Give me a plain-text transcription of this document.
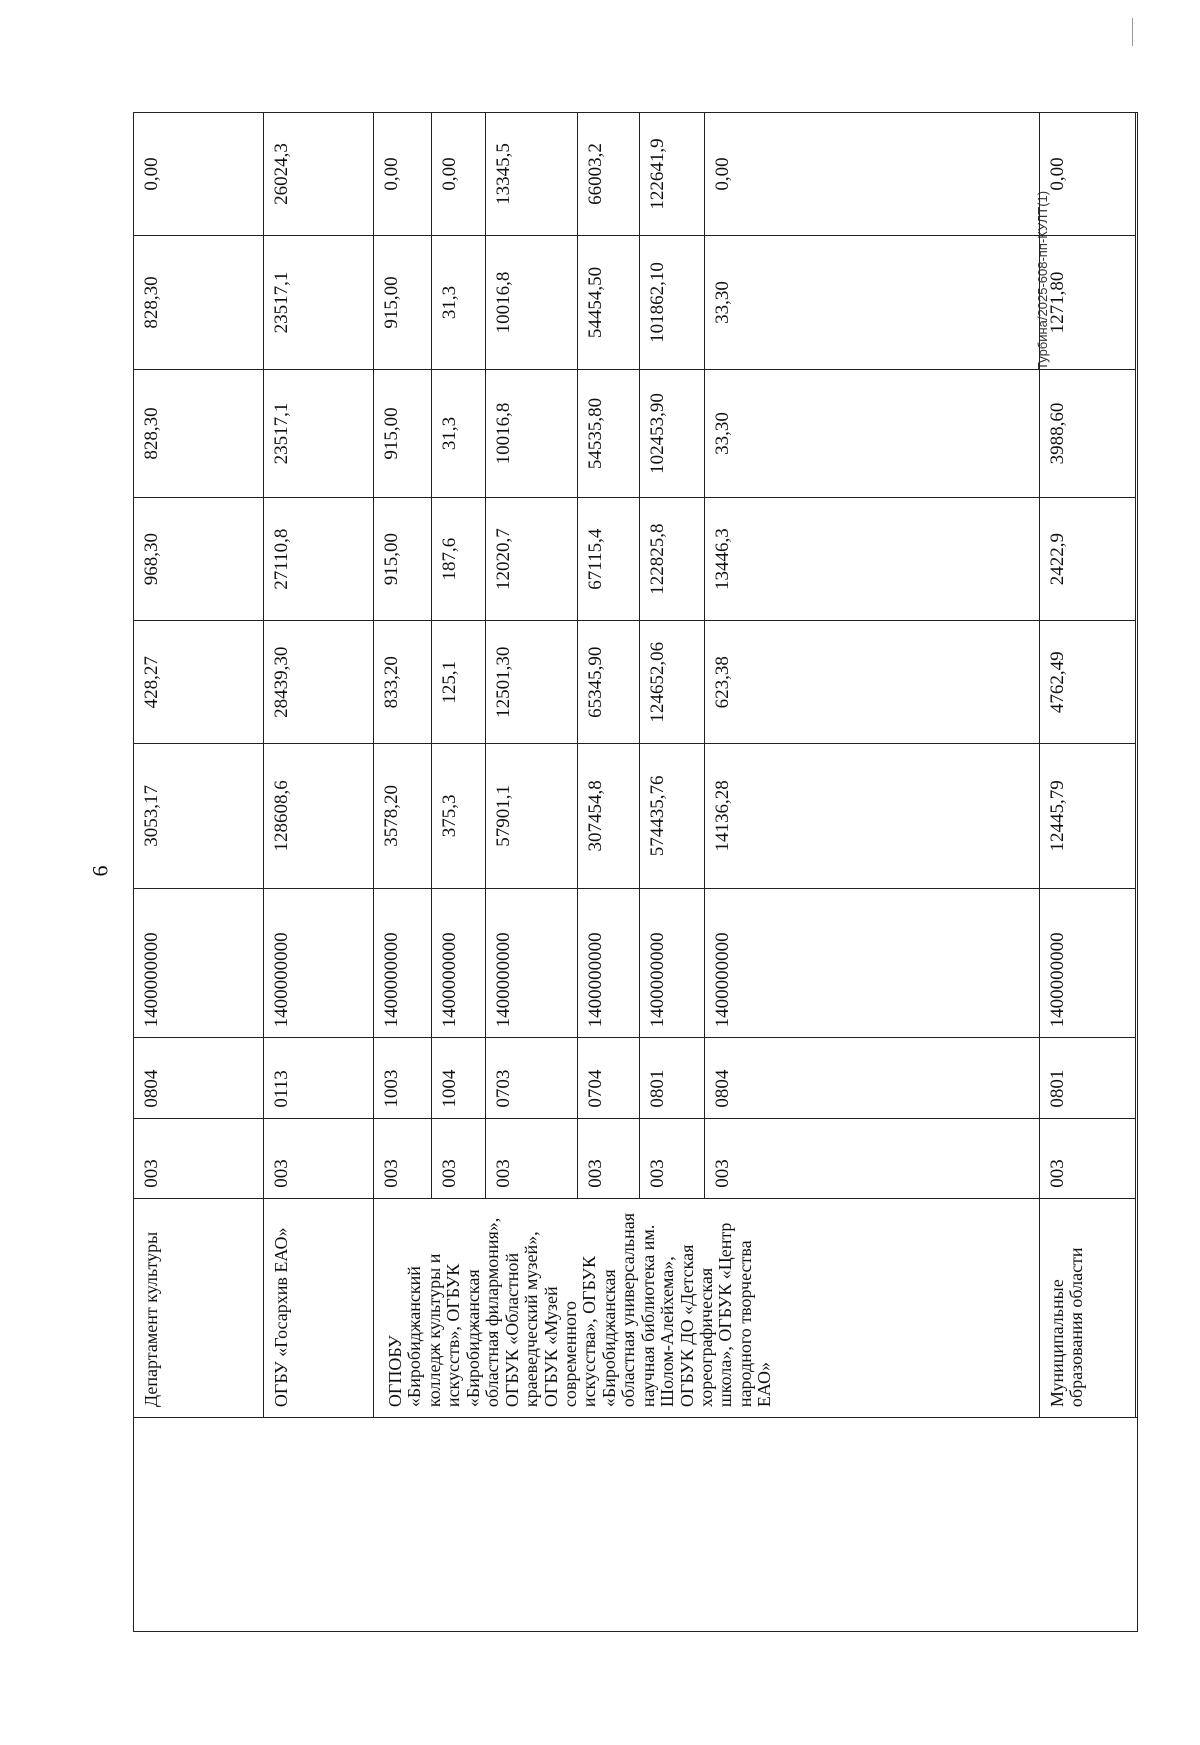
6
Турбина/2025-608-пп-КУЛТ(1)
	Департамент культуры	003	0804	1400000000	3053,17	428,27	968,30	828,30	828,30	0,00
	ОГБУ «Госархив ЕАО»	003	0113	1400000000	128608,6	28439,30	27110,8	23517,1	23517,1	26024,3
	ОГПОБУ «Биробиджанский колледж культуры и искусств», ОГБУК «Биробиджанская областная филармония», ОГБУК «Областной краеведческий музей», ОГБУК «Музей современного искусства», ОГБУК «Биробиджанская областная универсальная научная библиотека им. Шолом-Алейхема», ОГБУК ДО «Детская хореографическая школа», ОГБУК «Центр народного творчества ЕАО»	003	1003	1400000000	3578,20	833,20	915,00	915,00	915,00	0,00
		003	1004	1400000000	375,3	125,1	187,6	31,3	31,3	0,00
		003	0703	1400000000	57901,1	12501,30	12020,7	10016,8	10016,8	13345,5
		003	0704	1400000000	307454,8	65345,90	67115,4	54535,80	54454,50	66003,2
		003	0801	1400000000	574435,76	124652,06	122825,8	102453,90	101862,10	122641,9
		003	0804	1400000000	14136,28	623,38	13446,3	33,30	33,30	0,00
	Муниципальные образования области	003	0801	1400000000	12445,79	4762,49	2422,9	3988,60	1271,80	0,00
